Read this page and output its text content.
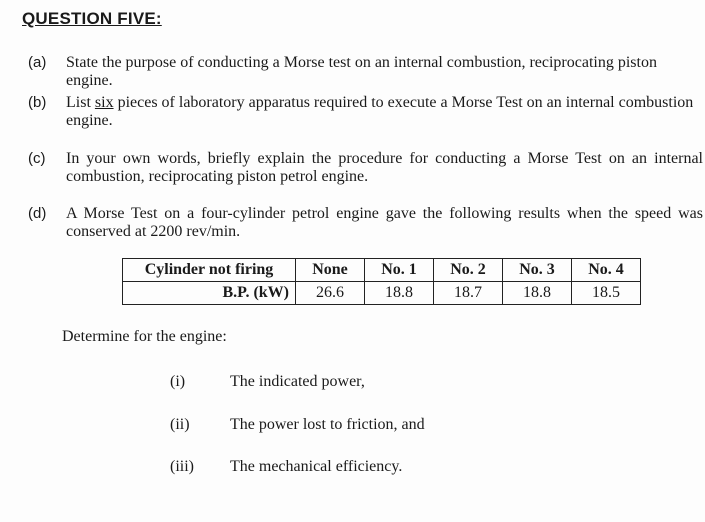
QUESTION FIVE:
(a) State the purpose of conducting a Morse test on an internal combustion, reciprocating piston engine.
(b) List six pieces of laboratory apparatus required to execute a Morse Test on an internal combustion engine.
(c) In your own words, briefly explain the procedure for conducting a Morse Test on an internal combustion, reciprocating piston petrol engine.
(d) A Morse Test on a four-cylinder petrol engine gave the following results when the speed was conserved at 2200 rev/min.
Cylinder not firing	None	No. 1	No. 2	No. 3	No. 4
B.P. (kW)	26.6	18.8	18.7	18.8	18.5
Determine for the engine:
(i)	The indicated power,
(ii)	The power lost to friction, and
(iii) The mechanical efficiency.
